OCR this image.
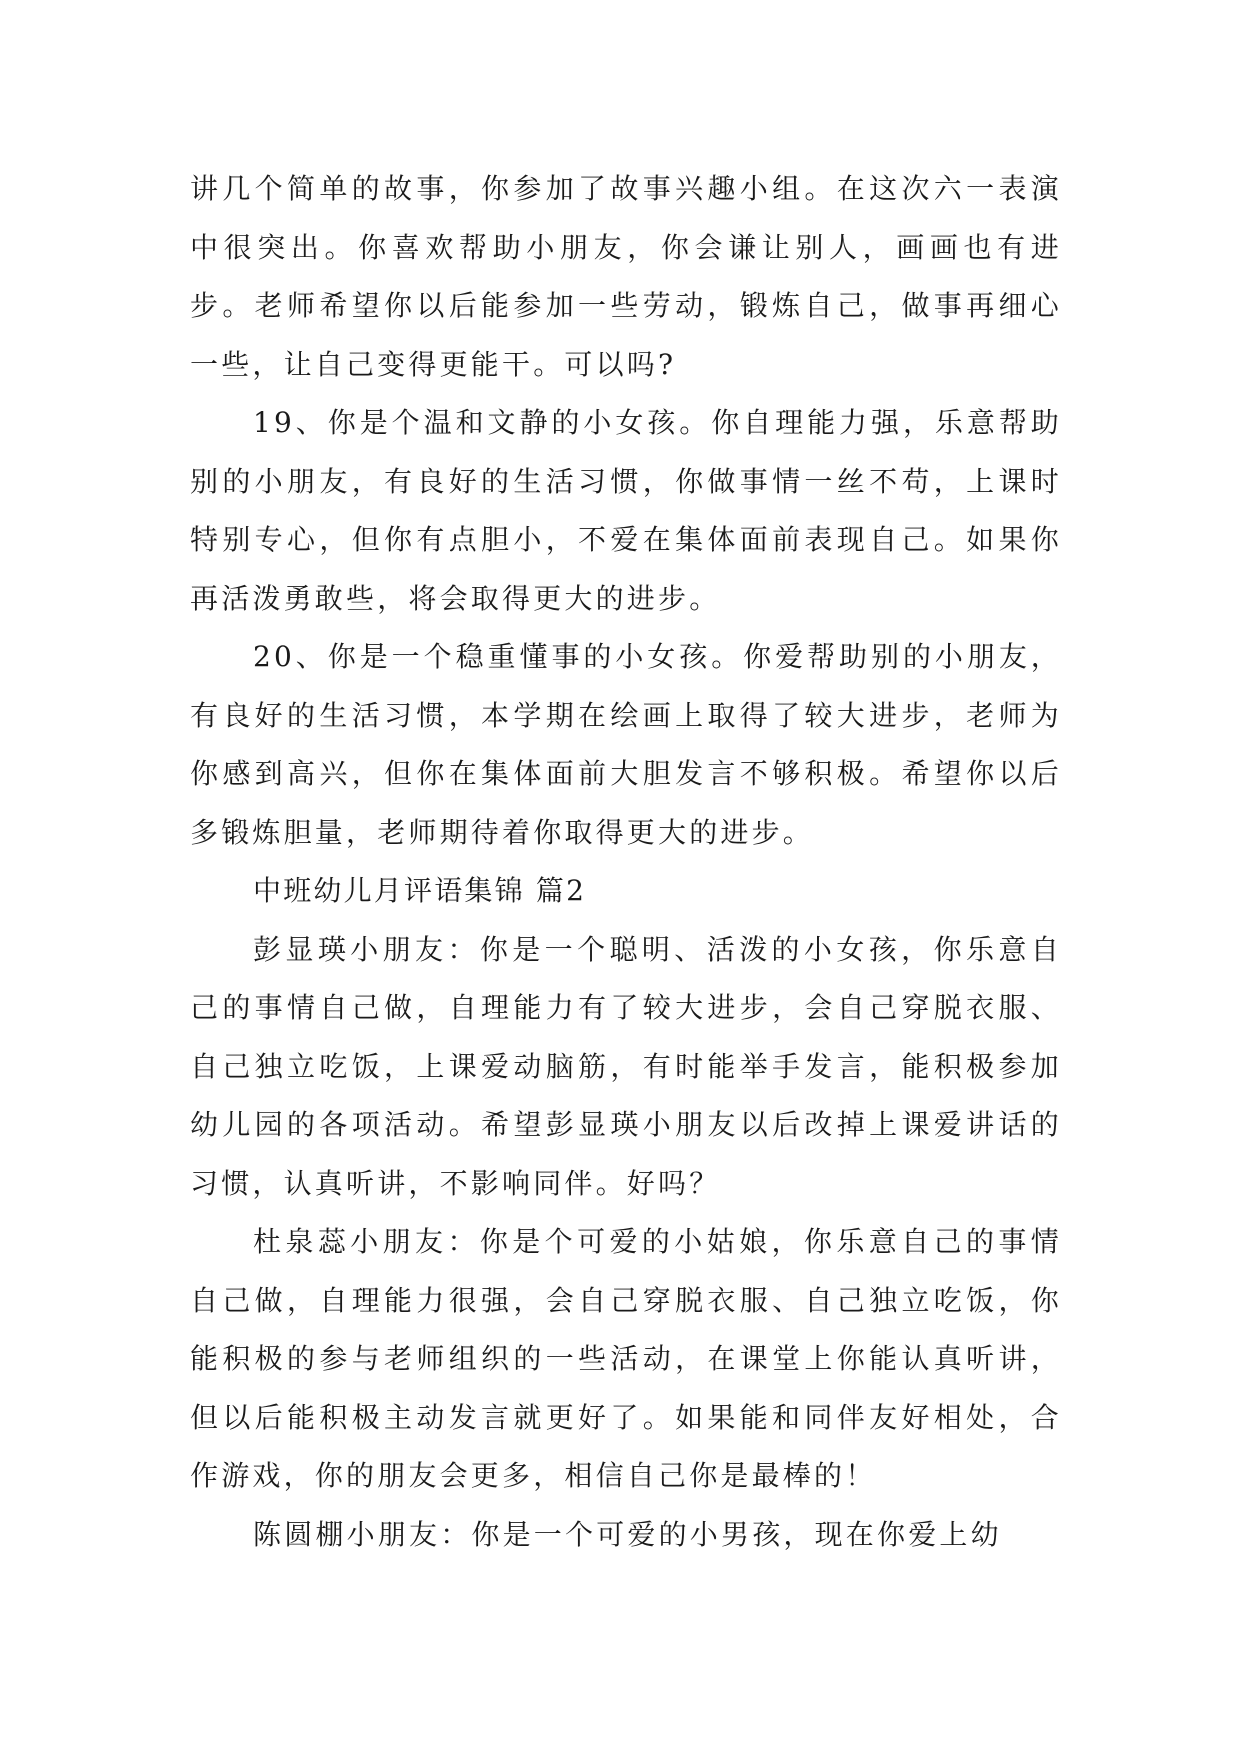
讲几个简单的故事，你参加了故事兴趣小组。在这次六一表演中很突出。你喜欢帮助小朋友，你会谦让别人，画画也有进步。老师希望你以后能参加一些劳动，锻炼自己，做事再细心一些，让自己变得更能干。可以吗?

19、你是个温和文静的小女孩。你自理能力强，乐意帮助别的小朋友，有良好的生活习惯，你做事情一丝不苟，上课时特别专心，但你有点胆小，不爱在集体面前表现自己。如果你再活泼勇敢些，将会取得更大的进步。

20、你是一个稳重懂事的小女孩。你爱帮助别的小朋友，有良好的生活习惯，本学期在绘画上取得了较大进步，老师为你感到高兴，但你在集体面前大胆发言不够积极。希望你以后多锻炼胆量，老师期待着你取得更大的进步。

中班幼儿月评语集锦 篇2

彭显瑛小朋友：你是一个聪明、活泼的小女孩，你乐意自己的事情自己做，自理能力有了较大进步，会自己穿脱衣服、自己独立吃饭，上课爱动脑筋，有时能举手发言，能积极参加幼儿园的各项活动。希望彭显瑛小朋友以后改掉上课爱讲话的习惯，认真听讲，不影响同伴。好吗？

杜泉蕊小朋友：你是个可爱的小姑娘，你乐意自己的事情自己做，自理能力很强，会自己穿脱衣服、自己独立吃饭，你能积极的参与老师组织的一些活动，在课堂上你能认真听讲，但以后能积极主动发言就更好了。如果能和同伴友好相处，合作游戏，你的朋友会更多，相信自己你是最棒的！

陈圆棚小朋友：你是一个可爱的小男孩，现在你爱上幼
